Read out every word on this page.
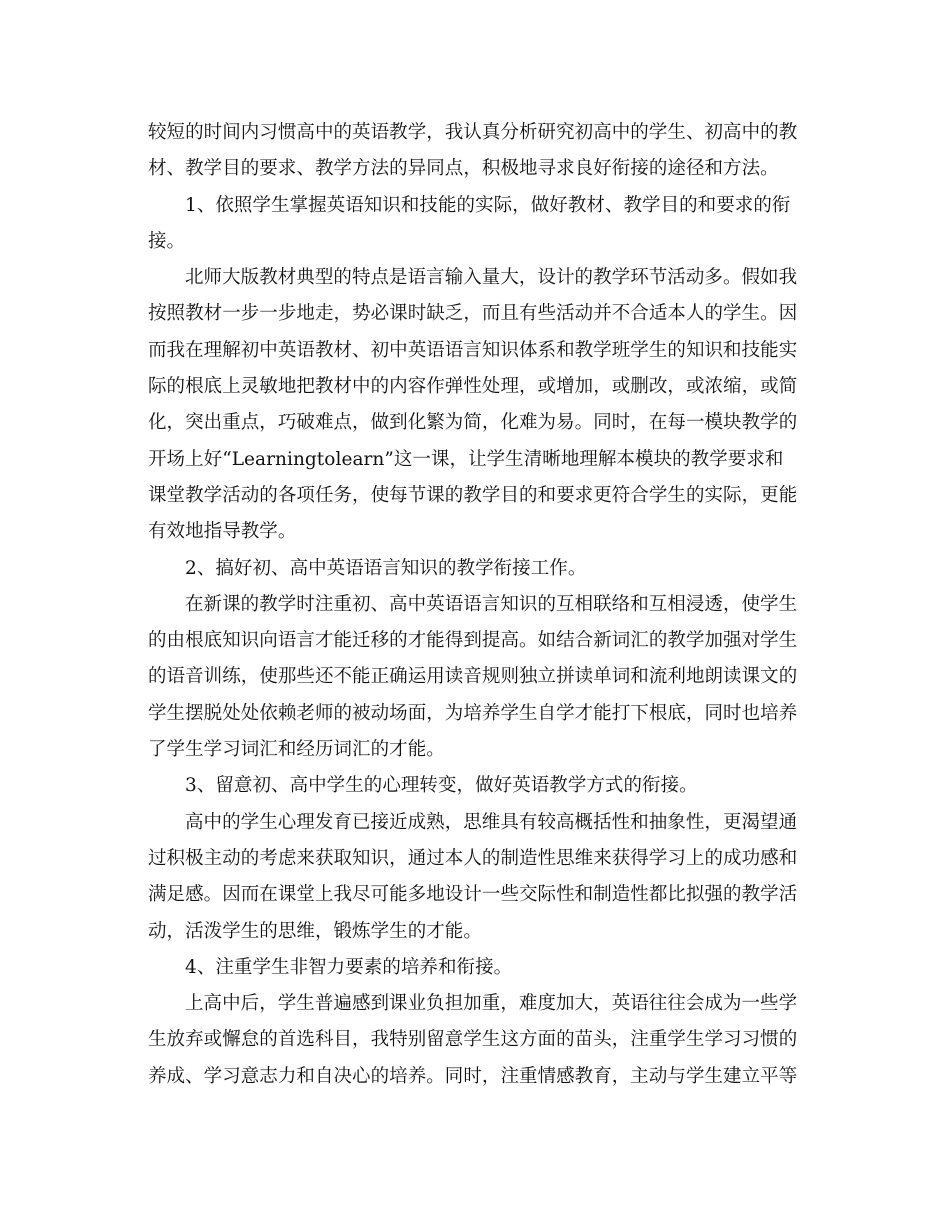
较短的时间内习惯高中的英语教学，我认真分析研究初高中的学生、初高中的教
材、教学目的要求、教学方法的异同点，积极地寻求良好衔接的途径和方法。
1、依照学生掌握英语知识和技能的实际，做好教材、教学目的和要求的衔
接。
北师大版教材典型的特点是语言输入量大，设计的教学环节活动多。假如我
按照教材一步一步地走，势必课时缺乏，而且有些活动并不合适本人的学生。因
而我在理解初中英语教材、初中英语语言知识体系和教学班学生的知识和技能实
际的根底上灵敏地把教材中的内容作弹性处理，或增加，或删改，或浓缩，或简
化，突出重点，巧破难点，做到化繁为简，化难为易。同时，在每一模块教学的
开场上好“Learningtolearn”这一课，让学生清晰地理解本模块的教学要求和
课堂教学活动的各项任务，使每节课的教学目的和要求更符合学生的实际，更能
有效地指导教学。
2、搞好初、高中英语语言知识的教学衔接工作。
在新课的教学时注重初、高中英语语言知识的互相联络和互相浸透，使学生
的由根底知识向语言才能迁移的才能得到提高。如结合新词汇的教学加强对学生
的语音训练，使那些还不能正确运用读音规则独立拼读单词和流利地朗读课文的
学生摆脱处处依赖老师的被动场面，为培养学生自学才能打下根底，同时也培养
了学生学习词汇和经历词汇的才能。
3、留意初、高中学生的心理转变，做好英语教学方式的衔接。
高中的学生心理发育已接近成熟，思维具有较高概括性和抽象性，更渴望通
过积极主动的考虑来获取知识，通过本人的制造性思维来获得学习上的成功感和
满足感。因而在课堂上我尽可能多地设计一些交际性和制造性都比拟强的教学活
动，活泼学生的思维，锻炼学生的才能。
4、注重学生非智力要素的培养和衔接。
上高中后，学生普遍感到课业负担加重，难度加大，英语往往会成为一些学
生放弃或懈怠的首选科目，我特别留意学生这方面的苗头，注重学生学习习惯的
养成、学习意志力和自决心的培养。同时，注重情感教育，主动与学生建立平等
